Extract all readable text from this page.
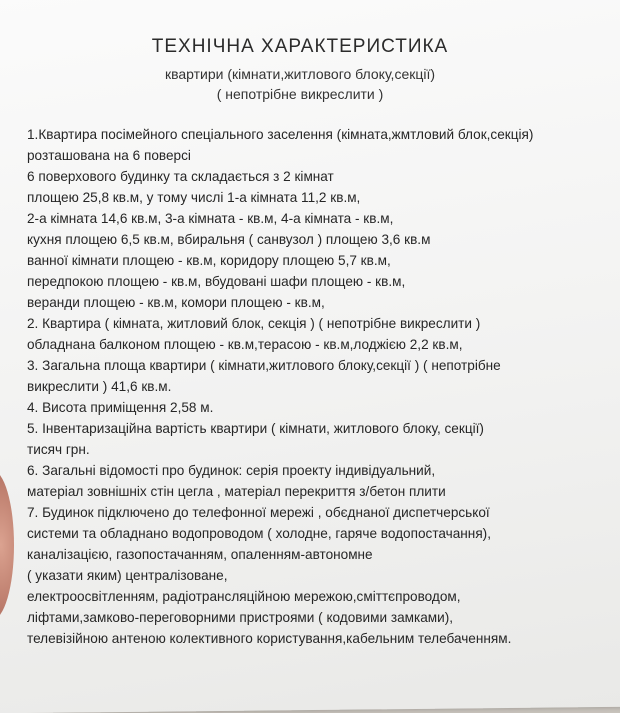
ТЕХНІЧНА ХАРАКТЕРИСТИКА
квартири (кімнати,житлового блоку,секції)
( непотрібне викреслити )
1.Квартира посімейного спеціального заселення (кімната,жмтловий блок,секція)
розташована на 6 поверсі
6 поверхового будинку та складається з 2 кімнат
площею 25,8 кв.м, у тому числі 1-а кімната 11,2 кв.м,
2-а кімната 14,6 кв.м, 3-а кімната - кв.м, 4-а кімната - кв.м,
кухня площею 6,5 кв.м, вбиральня ( санвузол ) площею 3,6 кв.м
ванної кімнати площею - кв.м, коридору площею 5,7 кв.м,
передпокою площею - кв.м, вбудовані шафи площею - кв.м,
веранди площею - кв.м, комори площею - кв.м,
2. Квартира ( кімната, житловий блок, секція ) ( непотрібне викреслити )
обладнана балконом площею - кв.м,терасою - кв.м,лоджією 2,2 кв.м,
3. Загальна площа квартири ( кімнати,житлового блоку,секції ) ( непотрібне
викреслити ) 41,6 кв.м.
4. Висота приміщення 2,58 м.
5. Інвентаризаційна вартість квартири ( кімнати, житлового блоку, секції)
тисяч грн.
6. Загальні відомості про будинок: серія проекту індивідуальний,
матеріал зовнішніх стін цегла , матеріал перекриття з/бетон плити
7. Будинок підключено до телефонної мережі , обєднаної диспетчерської
системи та обладнано водопроводом ( холодне, гаряче водопостачання),
каналізацією, газопостачанням, опаленням-автономне
( указати яким) централізоване,
електроосвітленням, радіотрансляційною мережою,сміттєпроводом,
ліфтами,замково-переговорними пристроями ( кодовими замками),
телевізійною антеною колективного користування,кабельним телебаченням.
